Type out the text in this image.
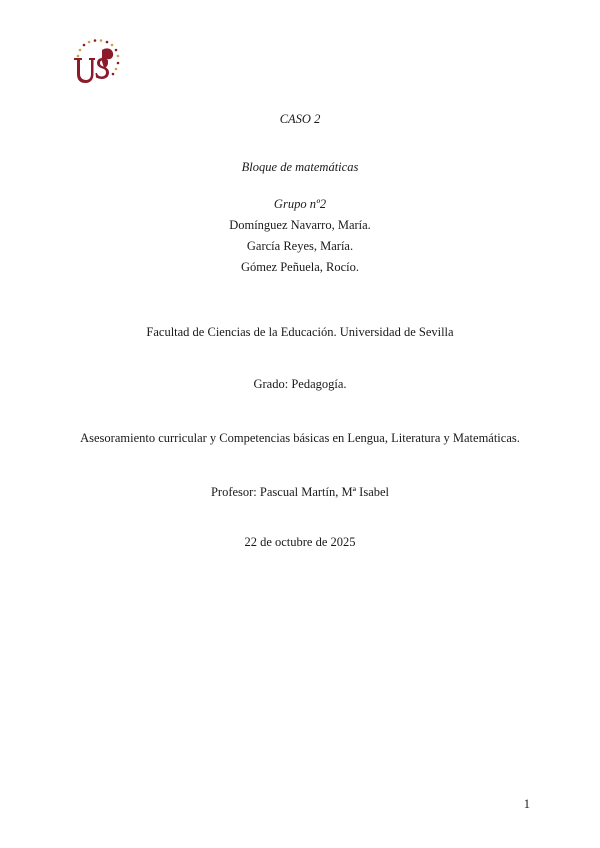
CASO 2
Bloque de matemáticas
Grupo nº2
Domínguez Navarro, María.
García Reyes, María.
Gómez Peñuela, Rocío.
Facultad de Ciencias de la Educación. Universidad de Sevilla
Grado: Pedagogía.
Asesoramiento curricular y Competencias básicas en Lengua, Literatura y Matemáticas.
Profesor: Pascual Martín, Mª Isabel
22 de octubre de 2025
1
